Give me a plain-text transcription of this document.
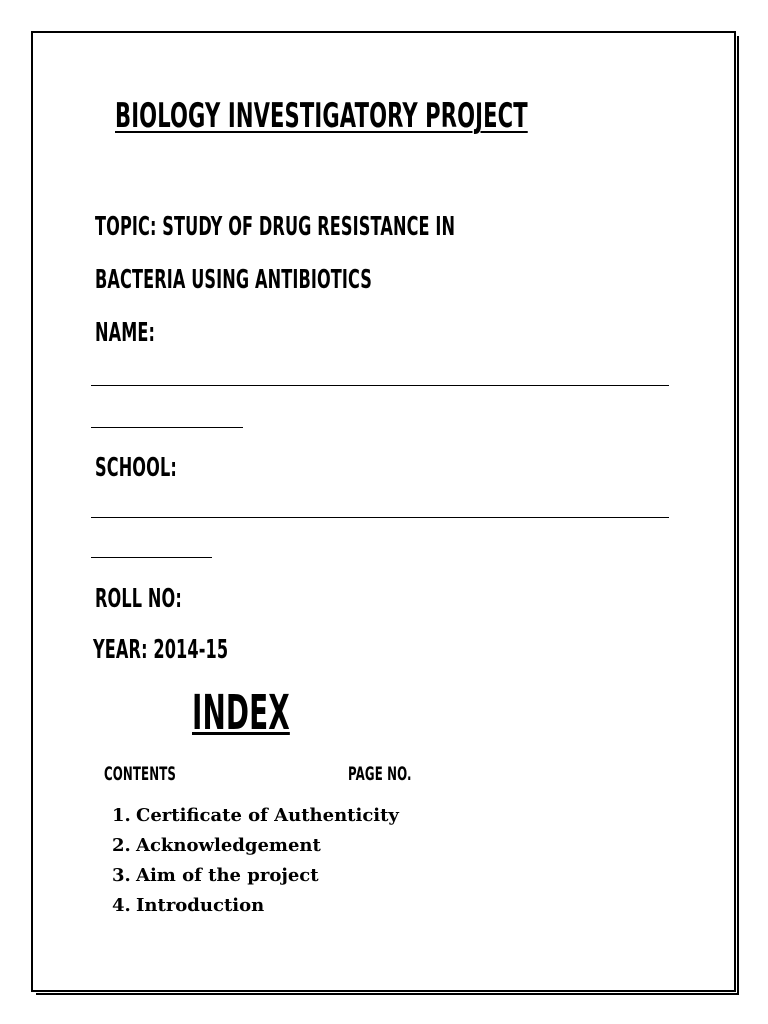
BIOLOGY INVESTIGATORY PROJECT
TOPIC: STUDY OF DRUG RESISTANCE IN
BACTERIA USING ANTIBIOTICS
NAME:
SCHOOL:
ROLL NO:
YEAR: 2014-15
INDEX
CONTENTS	PAGE NO.
1. Certificate of Authenticity
2. Acknowledgement
3. Aim of the project
4. Introduction
